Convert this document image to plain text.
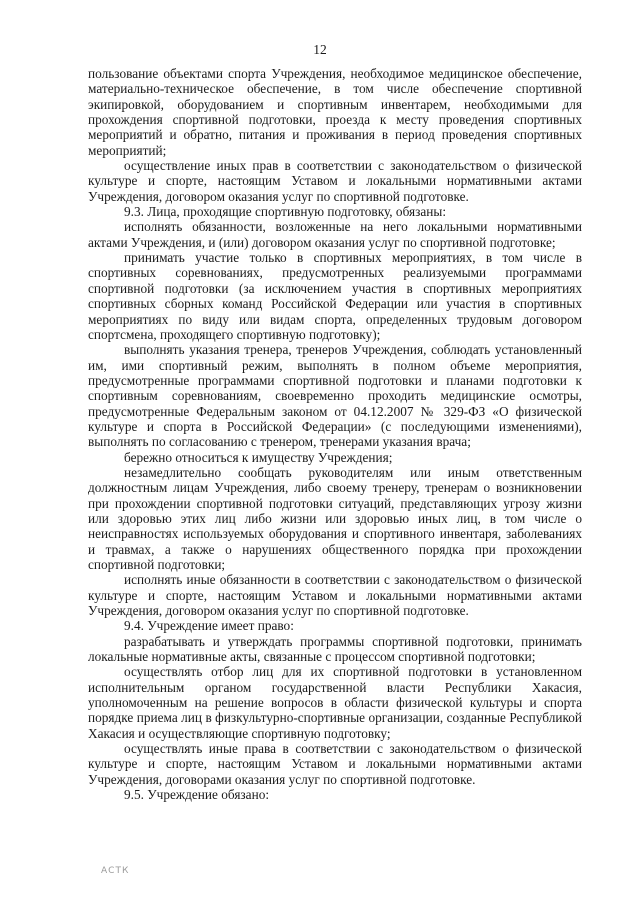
12

пользование объектами спорта Учреждения, необходимое медицинское обеспечение, материально-техническое обеспечение, в том числе обеспечение спортивной экипировкой, оборудованием и спортивным инвентарем, необходимыми для прохождения спортивной подготовки, проезда к месту проведения спортивных мероприятий и обратно, питания и проживания в период проведения спортивных мероприятий;

осуществление иных прав в соответствии с законодательством о физической культуре и спорте, настоящим Уставом и локальными нормативными актами Учреждения, договором оказания услуг по спортивной подготовке.

9.3. Лица, проходящие спортивную подготовку, обязаны:

исполнять обязанности, возложенные на него локальными нормативными актами Учреждения, и (или) договором оказания услуг по спортивной подготовке;

принимать участие только в спортивных мероприятиях, в том числе в спортивных соревнованиях, предусмотренных реализуемыми программами спортивной подготовки (за исключением участия в спортивных мероприятиях спортивных сборных команд Российской Федерации или участия в спортивных мероприятиях по виду или видам спорта, определенных трудовым договором спортсмена, проходящего спортивную подготовку);

выполнять указания тренера, тренеров Учреждения, соблюдать установленный им, ими спортивный режим, выполнять в полном объеме мероприятия, предусмотренные программами спортивной подготовки и планами подготовки к спортивным соревнованиям, своевременно проходить медицинские осмотры, предусмотренные Федеральным законом от 04.12.2007 № 329-ФЗ «О физической культуре и спорта в Российской Федерации» (с последующими изменениями), выполнять по согласованию с тренером, тренерами указания врача;

бережно относиться к имуществу Учреждения;

незамедлительно сообщать руководителям или иным ответственным должностным лицам Учреждения, либо своему тренеру, тренерам о возникновении при прохождении спортивной подготовки ситуаций, представляющих угрозу жизни или здоровью этих лиц либо жизни или здоровью иных лиц, в том числе о неисправностях используемых оборудования и спортивного инвентаря, заболеваниях и травмах, а также о нарушениях общественного порядка при прохождении спортивной подготовки;

исполнять иные обязанности в соответствии с законодательством о физической культуре и спорте, настоящим Уставом и локальными нормативными актами Учреждения, договором оказания услуг по спортивной подготовке.

9.4. Учреждение имеет право:

разрабатывать и утверждать программы спортивной подготовки, принимать локальные нормативные акты, связанные с процессом спортивной подготовки;

осуществлять отбор лиц для их спортивной подготовки в установленном исполнительным органом государственной власти Республики Хакасия, уполномоченным на решение вопросов в области физической культуры и спорта порядке приема лиц в физкультурно-спортивные организации, созданные Республикой Хакасия и осуществляющие спортивную подготовку;

осуществлять иные права в соответствии с законодательством о физической культуре и спорте, настоящим Уставом и локальными нормативными актами Учреждения, договорами оказания услуг по спортивной подготовке.

9.5. Учреждение обязано:

АСТК
